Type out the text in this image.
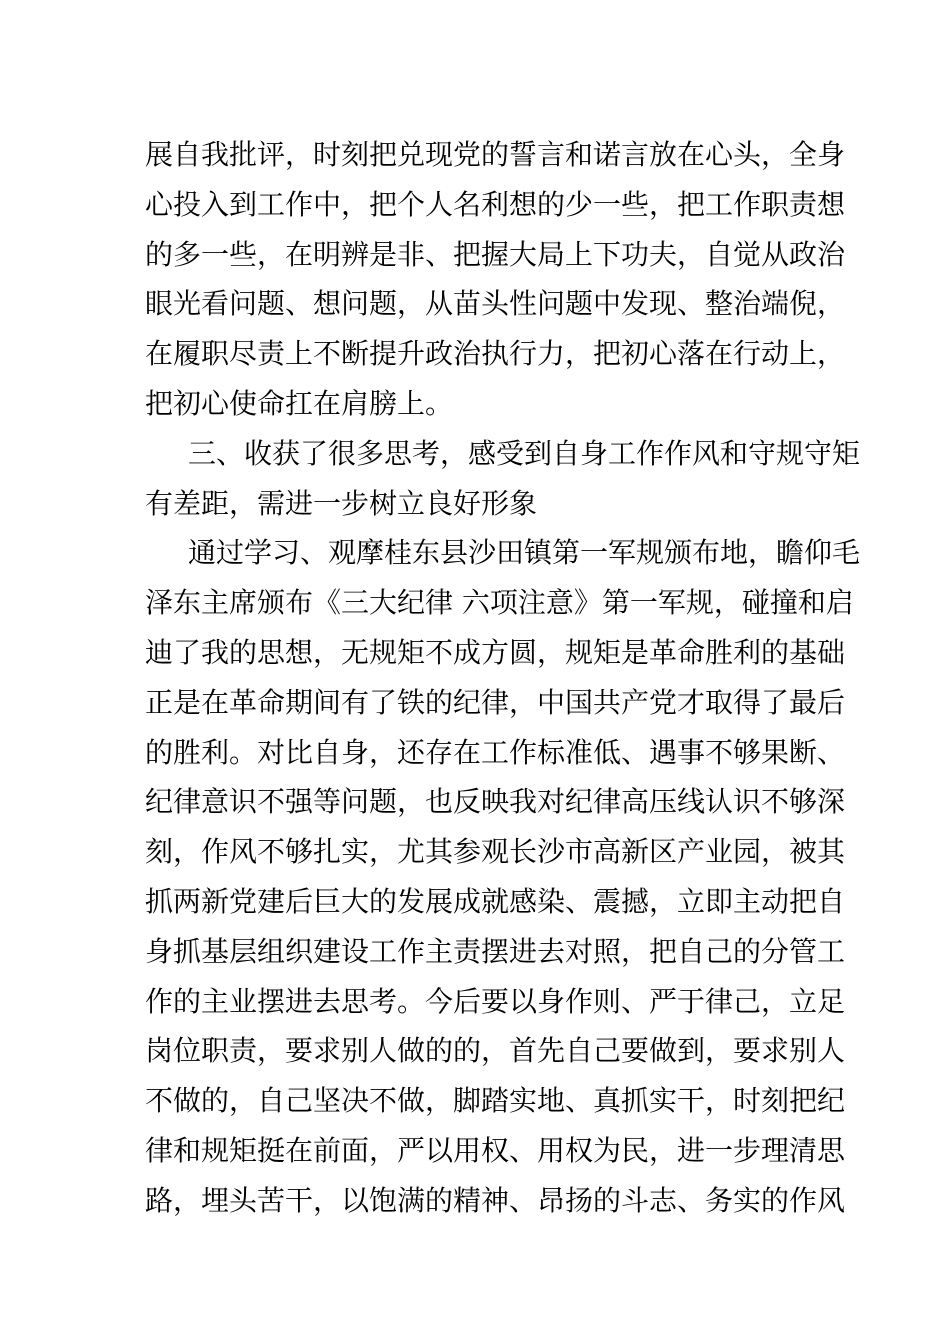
展自我批评，时刻把兑现党的誓言和诺言放在心头，全身
心投入到工作中，把个人名利想的少一些，把工作职责想
的多一些，在明辨是非、把握大局上下功夫，自觉从政治
眼光看问题、想问题，从苗头性问题中发现、整治端倪，
在履职尽责上不断提升政治执行力，把初心落在行动上，
把初心使命扛在肩膀上。
三、收获了很多思考，感受到自身工作作风和守规守矩
有差距，需进一步树立良好形象
通过学习、观摩桂东县沙田镇第一军规颁布地，瞻仰毛
泽东主席颁布《三大纪律 六项注意》第一军规，碰撞和启
迪了我的思想，无规矩不成方圆，规矩是革命胜利的基础
正是在革命期间有了铁的纪律，中国共产党才取得了最后
的胜利。对比自身，还存在工作标准低、遇事不够果断、
纪律意识不强等问题，也反映我对纪律高压线认识不够深
刻，作风不够扎实，尤其参观长沙市高新区产业园，被其
抓两新党建后巨大的发展成就感染、震撼，立即主动把自
身抓基层组织建设工作主责摆进去对照，把自己的分管工
作的主业摆进去思考。今后要以身作则、严于律己，立足
岗位职责，要求别人做的的，首先自己要做到，要求别人
不做的，自己坚决不做，脚踏实地、真抓实干，时刻把纪
律和规矩挺在前面，严以用权、用权为民，进一步理清思
路，埋头苦干，以饱满的精神、昂扬的斗志、务实的作风
